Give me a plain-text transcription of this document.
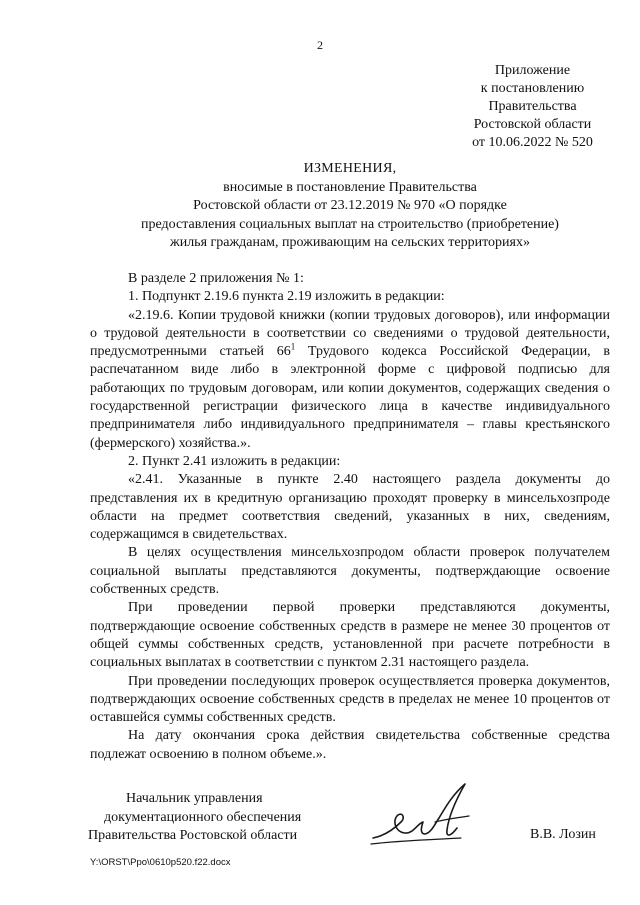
2
Приложение
к постановлению
Правительства
Ростовской области
от 10.06.2022 № 520
ИЗМЕНЕНИЯ,
вносимые в постановление Правительства
Ростовской области от 23.12.2019 № 970 «О порядке
предоставления социальных выплат на строительство (приобретение)
жилья гражданам, проживающим на сельских территориях»

В разделе 2 приложения № 1:

1. Подпункт 2.19.6 пункта 2.19 изложить в редакции:

«2.19.6. Копии трудовой книжки (копии трудовых договоров), или информации о трудовой деятельности в соответствии со сведениями о трудовой деятельности, предусмотренными статьей $66^1$ Трудового кодекса Российской Федерации, в распечатанном виде либо в электронной форме с цифровой подписью для работающих по трудовым договорам, или копии документов, содержащих сведения о государственной регистрации физического лица в качестве индивидуального предпринимателя либо индивидуального предпринимателя – главы крестьянского (фермерского) хозяйства.».

2. Пункт 2.41 изложить в редакции:

«2.41. Указанные в пункте 2.40 настоящего раздела документы до представления их в кредитную организацию проходят проверку в минсельхозпроде области на предмет соответствия сведений, указанных в них, сведениям, содержащимся в свидетельствах.

В целях осуществления минсельхозпродом области проверок получателем социальной выплаты представляются документы, подтверждающие освоение собственных средств.

При проведении первой проверки представляются документы, подтверждающие освоение собственных средств в размере не менее 30 процентов от общей суммы собственных средств, установленной при расчете потребности в социальных выплатах в соответствии с пунктом 2.31 настоящего раздела.

При проведении последующих проверок осуществляется проверка документов, подтверждающих освоение собственных средств в пределах не менее 10 процентов от оставшейся суммы собственных средств.

На дату окончания срока действия свидетельства собственные средства подлежат освоению в полном объеме.».

Начальник управления
документационного обеспечения
Правительства Ростовской области	В.В. Лозин
Y:\ORST\Ppo\0610p520.f22.docx
